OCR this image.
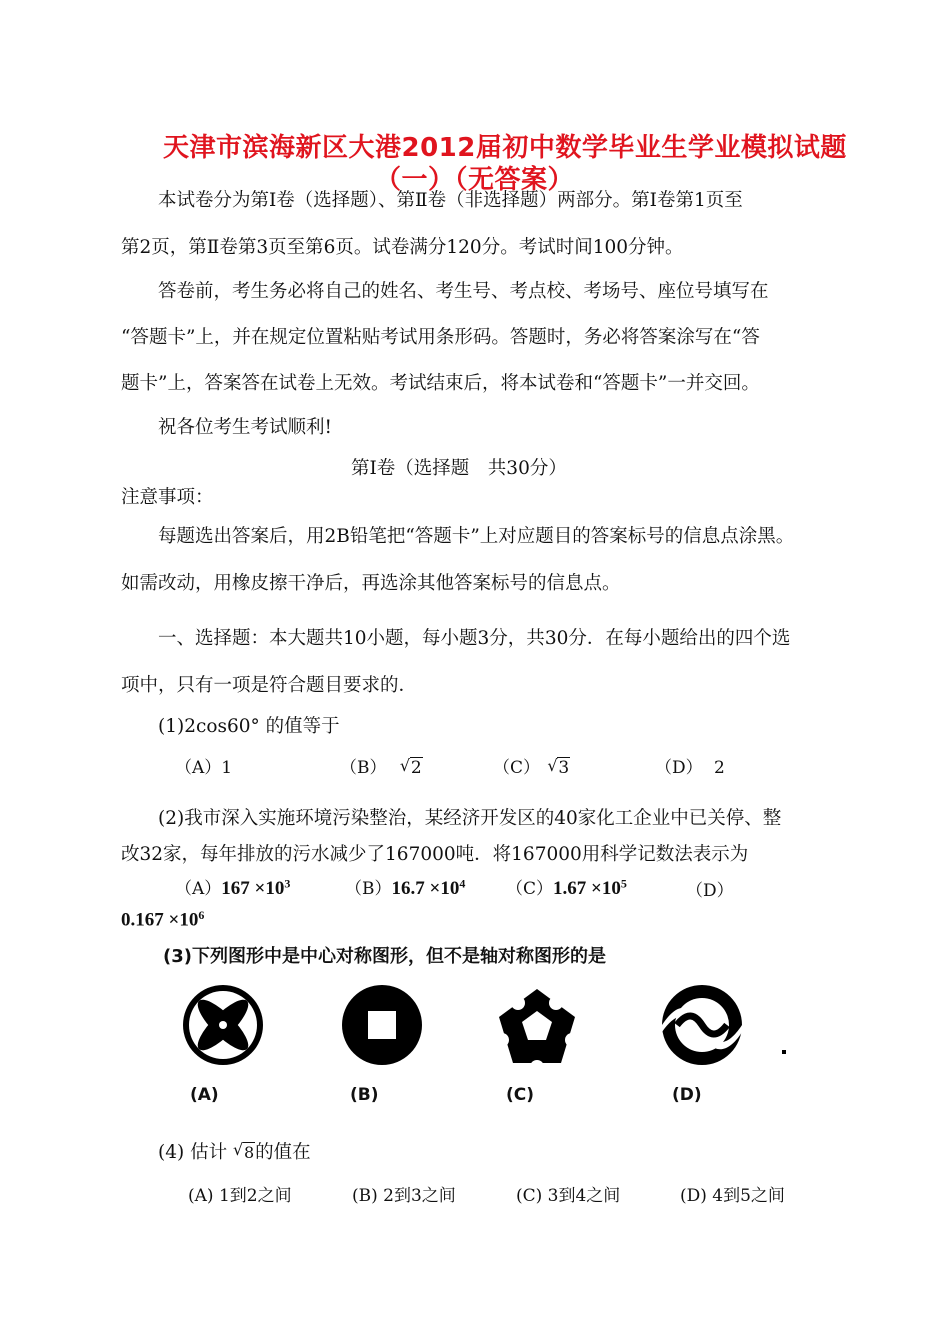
天津市滨海新区大港2012届初中数学毕业生学业模拟试题
（一）（无答案）
本试卷分为第Ⅰ卷（选择题）、第Ⅱ卷（非选择题）两部分。第Ⅰ卷第1页至
第2页，第Ⅱ卷第3页至第6页。试卷满分120分。考试时间100分钟。
答卷前，考生务必将自己的姓名、考生号、考点校、考场号、座位号填写在
“答题卡”上，并在规定位置粘贴考试用条形码。答题时，务必将答案涂写在“答
题卡”上，答案答在试卷上无效。考试结束后，将本试卷和“答题卡”一并交回。
祝各位考生考试顺利!
第Ⅰ卷（选择题　共30分）
注意事项：
每题选出答案后，用2B铅笔把“答题卡”上对应题目的答案标号的信息点涂黑。
如需改动，用橡皮擦干净后，再选涂其他答案标号的信息点。
一、选择题：本大题共10小题，每小题3分，共30分．在每小题给出的四个选
项中，只有一项是符合题目要求的．
(1)2cos60° 的值等于
（A）1	（B） √ 2	（C） √ 3	（D） 2
(2)我市深入实施环境污染整治，某经济开发区的40家化工企业中已关停、整
改32家，每年排放的污水减少了167000吨．将167000用科学记数法表示为
$(A)167 \times 10^3$	$(B)16.7 \times 10^4$ $(C)1.67 \times 10^5$	（D）
$0.167 \times 10^6$
(3)下列图形中是中心对称图形，但不是轴对称图形的是
(A)	(B)	(C)	(D)
(4) 估计 √ 8的值在
(A) 1到2之间	(B) 2到3之间	(C) 3到4之间	(D) 4到5之间
